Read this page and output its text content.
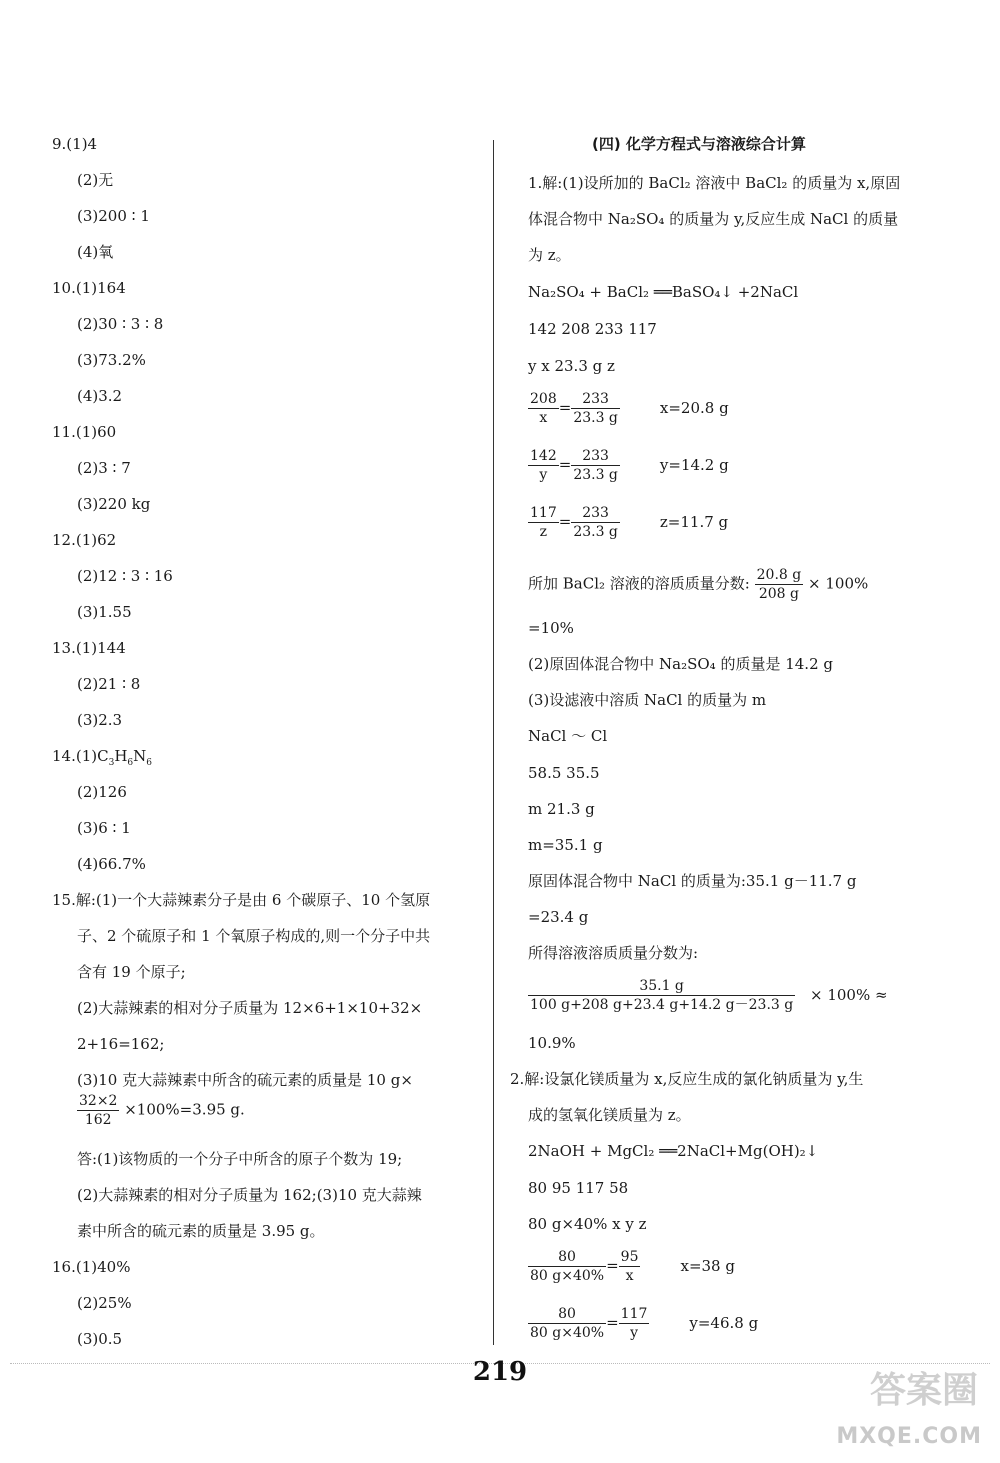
(四) 化学方程式与溶液综合计算
$14.(1)C_3H_6N_6$
$\frac{32\times 2}{162} \times 100\%=3.95$ g.
所加 BaCl₂ 溶液的溶质质量分数: $\frac{20.8 g}{208 g} \times 100\%$
$\frac{35.1 g}{100 g+208 g+23.4 g+14.2 g-23.3 g} \times 100\%$ ≈
$\frac{208}{x} = \frac{233}{23.3 g}$	x=20.8 g
$\frac{142}{y} = \frac{233}{23.3 g}$	y=14.2 g
$\frac{117}{z} = \frac{233}{23.3 g}$	z=11.7 g
$\frac{80}{80 g\times 40\%} = \frac{95}{x}$	x=38 g
$\frac{80}{80 g\times 40\%} = \frac{117}{y}$	y=46.8 g
219	答案圈
MXQE.COM
9.(1)4
(2)无
(3)200 ∶ 1
(4)氧
10.(1)164
(2)30 ∶ 3 ∶ 8
(3)73.2%
(4)3.2
11.(1)60
(2)3 ∶ 7
(3)220 kg
12.(1)62
(2)12 ∶ 3 ∶ 16
(3)1.55
13.(1)144
(2)21 ∶ 8
(3)2.3
(2)126
(3)6 ∶ 1
(4)66.7%
15.解:(1)一个大蒜辣素分子是由 6 个碳原子、10 个氢原
子、2 个硫原子和 1 个氧原子构成的,则一个分子中共
含有 19 个原子;
(2)大蒜辣素的相对分子质量为 12×6+1×10+32×
2+16=162;
(3)10 克大蒜辣素中所含的硫元素的质量是 10 g×
答:(1)该物质的一个分子中所含的原子个数为 19;
(2)大蒜辣素的相对分子质量为 162;(3)10 克大蒜辣
素中所含的硫元素的质量是 3.95 g。
16.(1)40%
(2)25%
(3)0.5
1.解:(1)设所加的 BaCl₂ 溶液中 BaCl₂ 的质量为 x,原固
体混合物中 Na₂SO₄ 的质量为 y,反应生成 NaCl 的质量
为 z。
Na₂SO₄ + BaCl₂ ══BaSO₄↓ +2NaCl
142 208 233 117
y x 23.3 g z
=10%
(2)原固体混合物中 Na₂SO₄ 的质量是 14.2 g
(3)设滤液中溶质 NaCl 的质量为 m
NaCl ～ Cl
58.5 35.5
m 21.3 g
m=35.1 g
原固体混合物中 NaCl 的质量为:35.1 g－11.7 g
=23.4 g
所得溶液溶质质量分数为:
10.9%
2.解:设氯化镁质量为 x,反应生成的氯化钠质量为 y,生
成的氢氧化镁质量为 z。
2NaOH + MgCl₂ ══2NaCl+Mg(OH)₂↓
80 95 117 58
80 g×40% x y z
